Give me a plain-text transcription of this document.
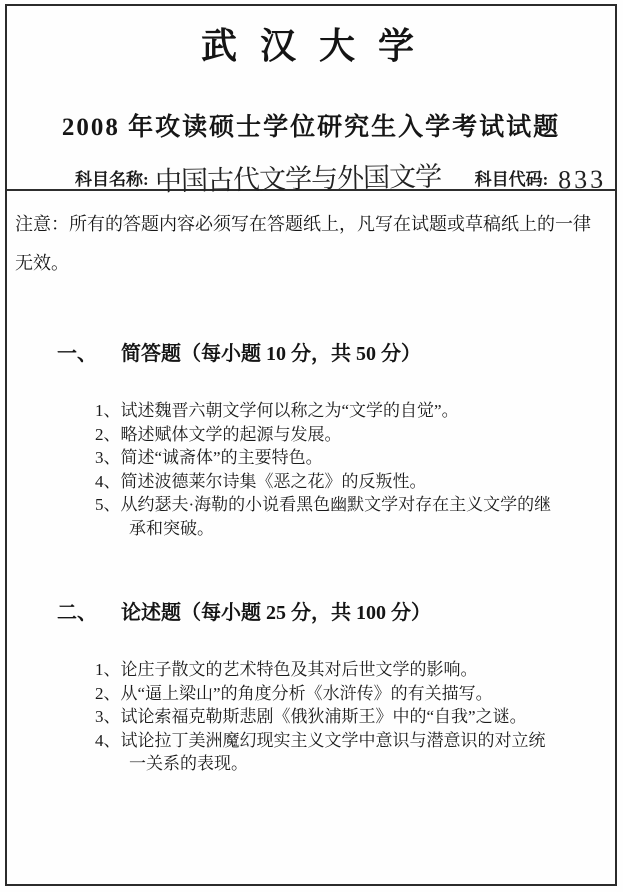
武 汉 大 学
2008 年攻读硕士学位研究生入学考试试题
科目名称: 中国古代文学与外国文学 科目代码: 833
注意：所有的答题内容必须写在答题纸上，凡写在试题或草稿纸上的一律无效。
一、 简答题（每小题 10 分，共 50 分）
1、试述魏晋六朝文学何以称之为“文学的自觉”。
2、略述赋体文学的起源与发展。
3、简述“诚斋体”的主要特色。
4、简述波德莱尔诗集《恶之花》的反叛性。
5、从约瑟夫·海勒的小说看黑色幽默文学对存在主义文学的继承和突破。
二、 论述题（每小题 25 分，共 100 分）
1、论庄子散文的艺术特色及其对后世文学的影响。
2、从“逼上梁山”的角度分析《水浒传》的有关描写。
3、试论索福克勒斯悲剧《俄狄浦斯王》中的“自我”之谜。
4、试论拉丁美洲魔幻现实主义文学中意识与潜意识的对立统一关系的表现。
